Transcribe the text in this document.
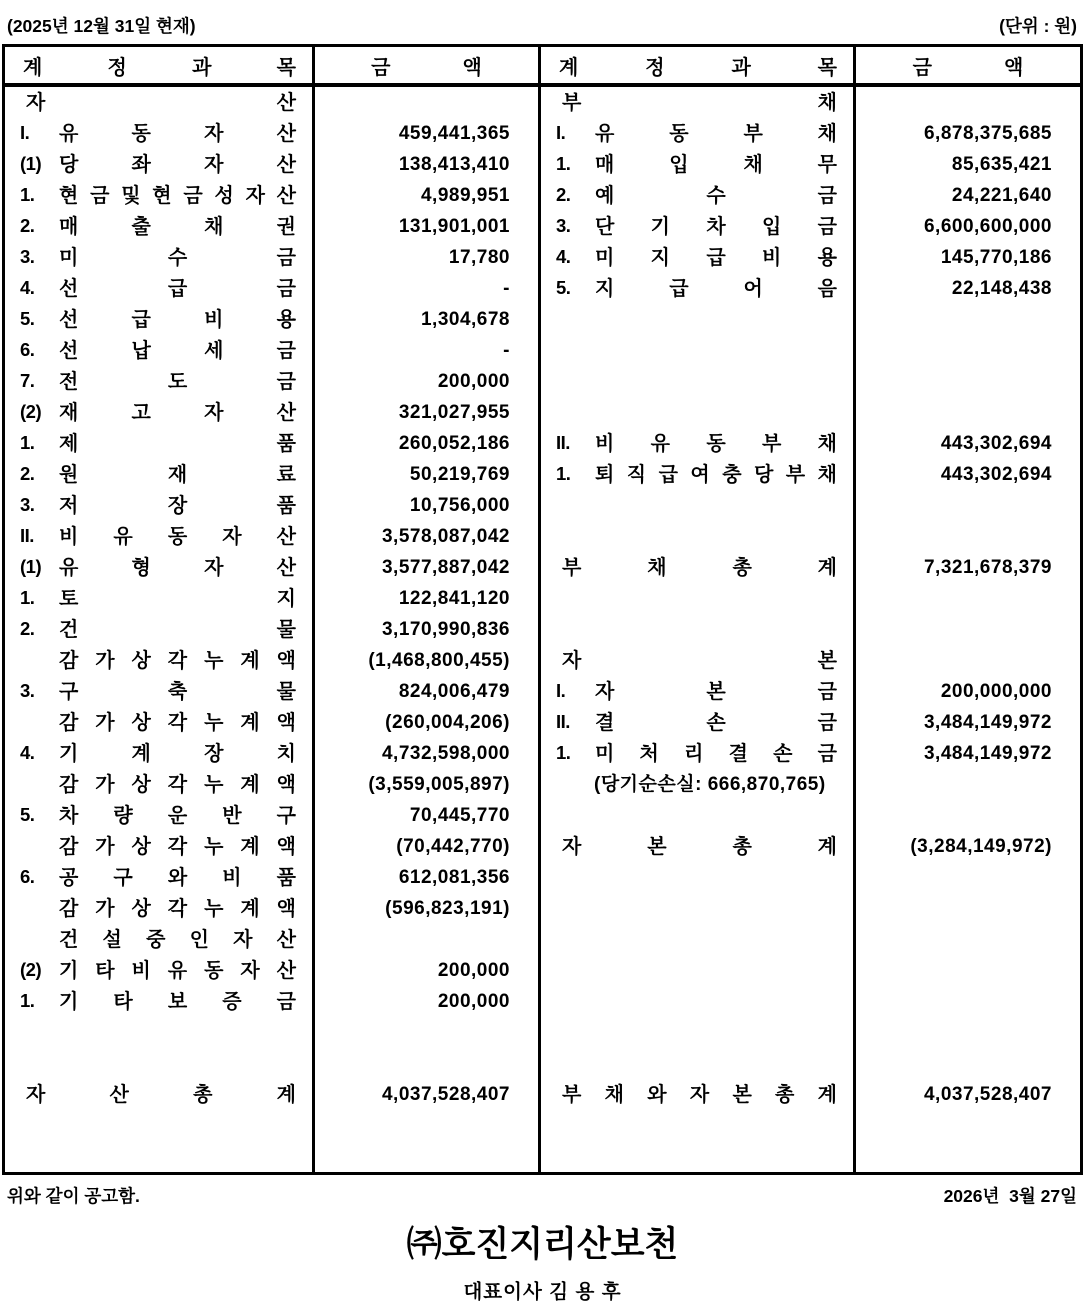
(2025년 12월 31일 현재)	(단위 : 원)
계	정	과	목	금	액	계	정	과	목	금	액
자	산	부	채
I.	유	동	자	산	459,441,365	I.	유	동	부	채	6,878,375,685
(1) 당	좌	자	산	138,413,410	1.	매	입	채	무	85,635,421
1.	현 금 및 현 금 성 자 산	4,989,951	2.	예	수	금	24,221,640
2.	매	출	채	권	131,901,001	3.	단 기 차 입 금	6,600,600,000
3.	미	수	금	17,780	4.	미 지 급 비 용	145,770,186
4.	선	급	금	-	5.	지	급	어	음	22,148,438
5.	선	급	비	용	1,304,678
6.	선	납	세	금	-
7.	전	도	금	200,000
(2) 재	고	자	산	321,027,955
1.	제	품	260,052,186	II.	비 유 동 부 채	443,302,694
2.	원	재	료	50,219,769	1.	퇴 직 급 여 충 당 부 채	443,302,694
3.	저	장	품	10,756,000
II.	비 유 동 자 산	3,578,087,042
(1) 유	형	자	산	3,577,887,042	부	채	총	계	7,321,678,379
1.	토	지	122,841,120
2.	건	물	3,170,990,836
감 가 상 각 누 계 액	(1,468,800,455)	자	본
3.	구	축	물	824,006,479	I.	자	본	금	200,000,000
감 가 상 각 누 계 액	(260,004,206)	II.	결	손	금	3,484,149,972
4.	기	계	장	치	4,732,598,000	1.	미 처 리 결 손 금	3,484,149,972
감 가 상 각 누 계 액	(3,559,005,897)	(당기순손실: 666,870,765)
5.	차 량 운 반 구	70,445,770
감 가 상 각 누 계 액	(70,442,770)	자	본	총	계	(3,284,149,972)
6.	공 구 와 비 품	612,081,356
감 가 상 각 누 계 액	(596,823,191)
건 설 중 인 자 산
(2) 기 타 비 유 동 자 산	200,000
1.	기 타 보 증 금	200,000
자	산	총	계	4,037,528,407	부 채 와 자 본 총 계	4,037,528,407
위와 같이 공고함.	2026년  3월 27일
㈜호진지리산보천
대표이사 김 용 후
